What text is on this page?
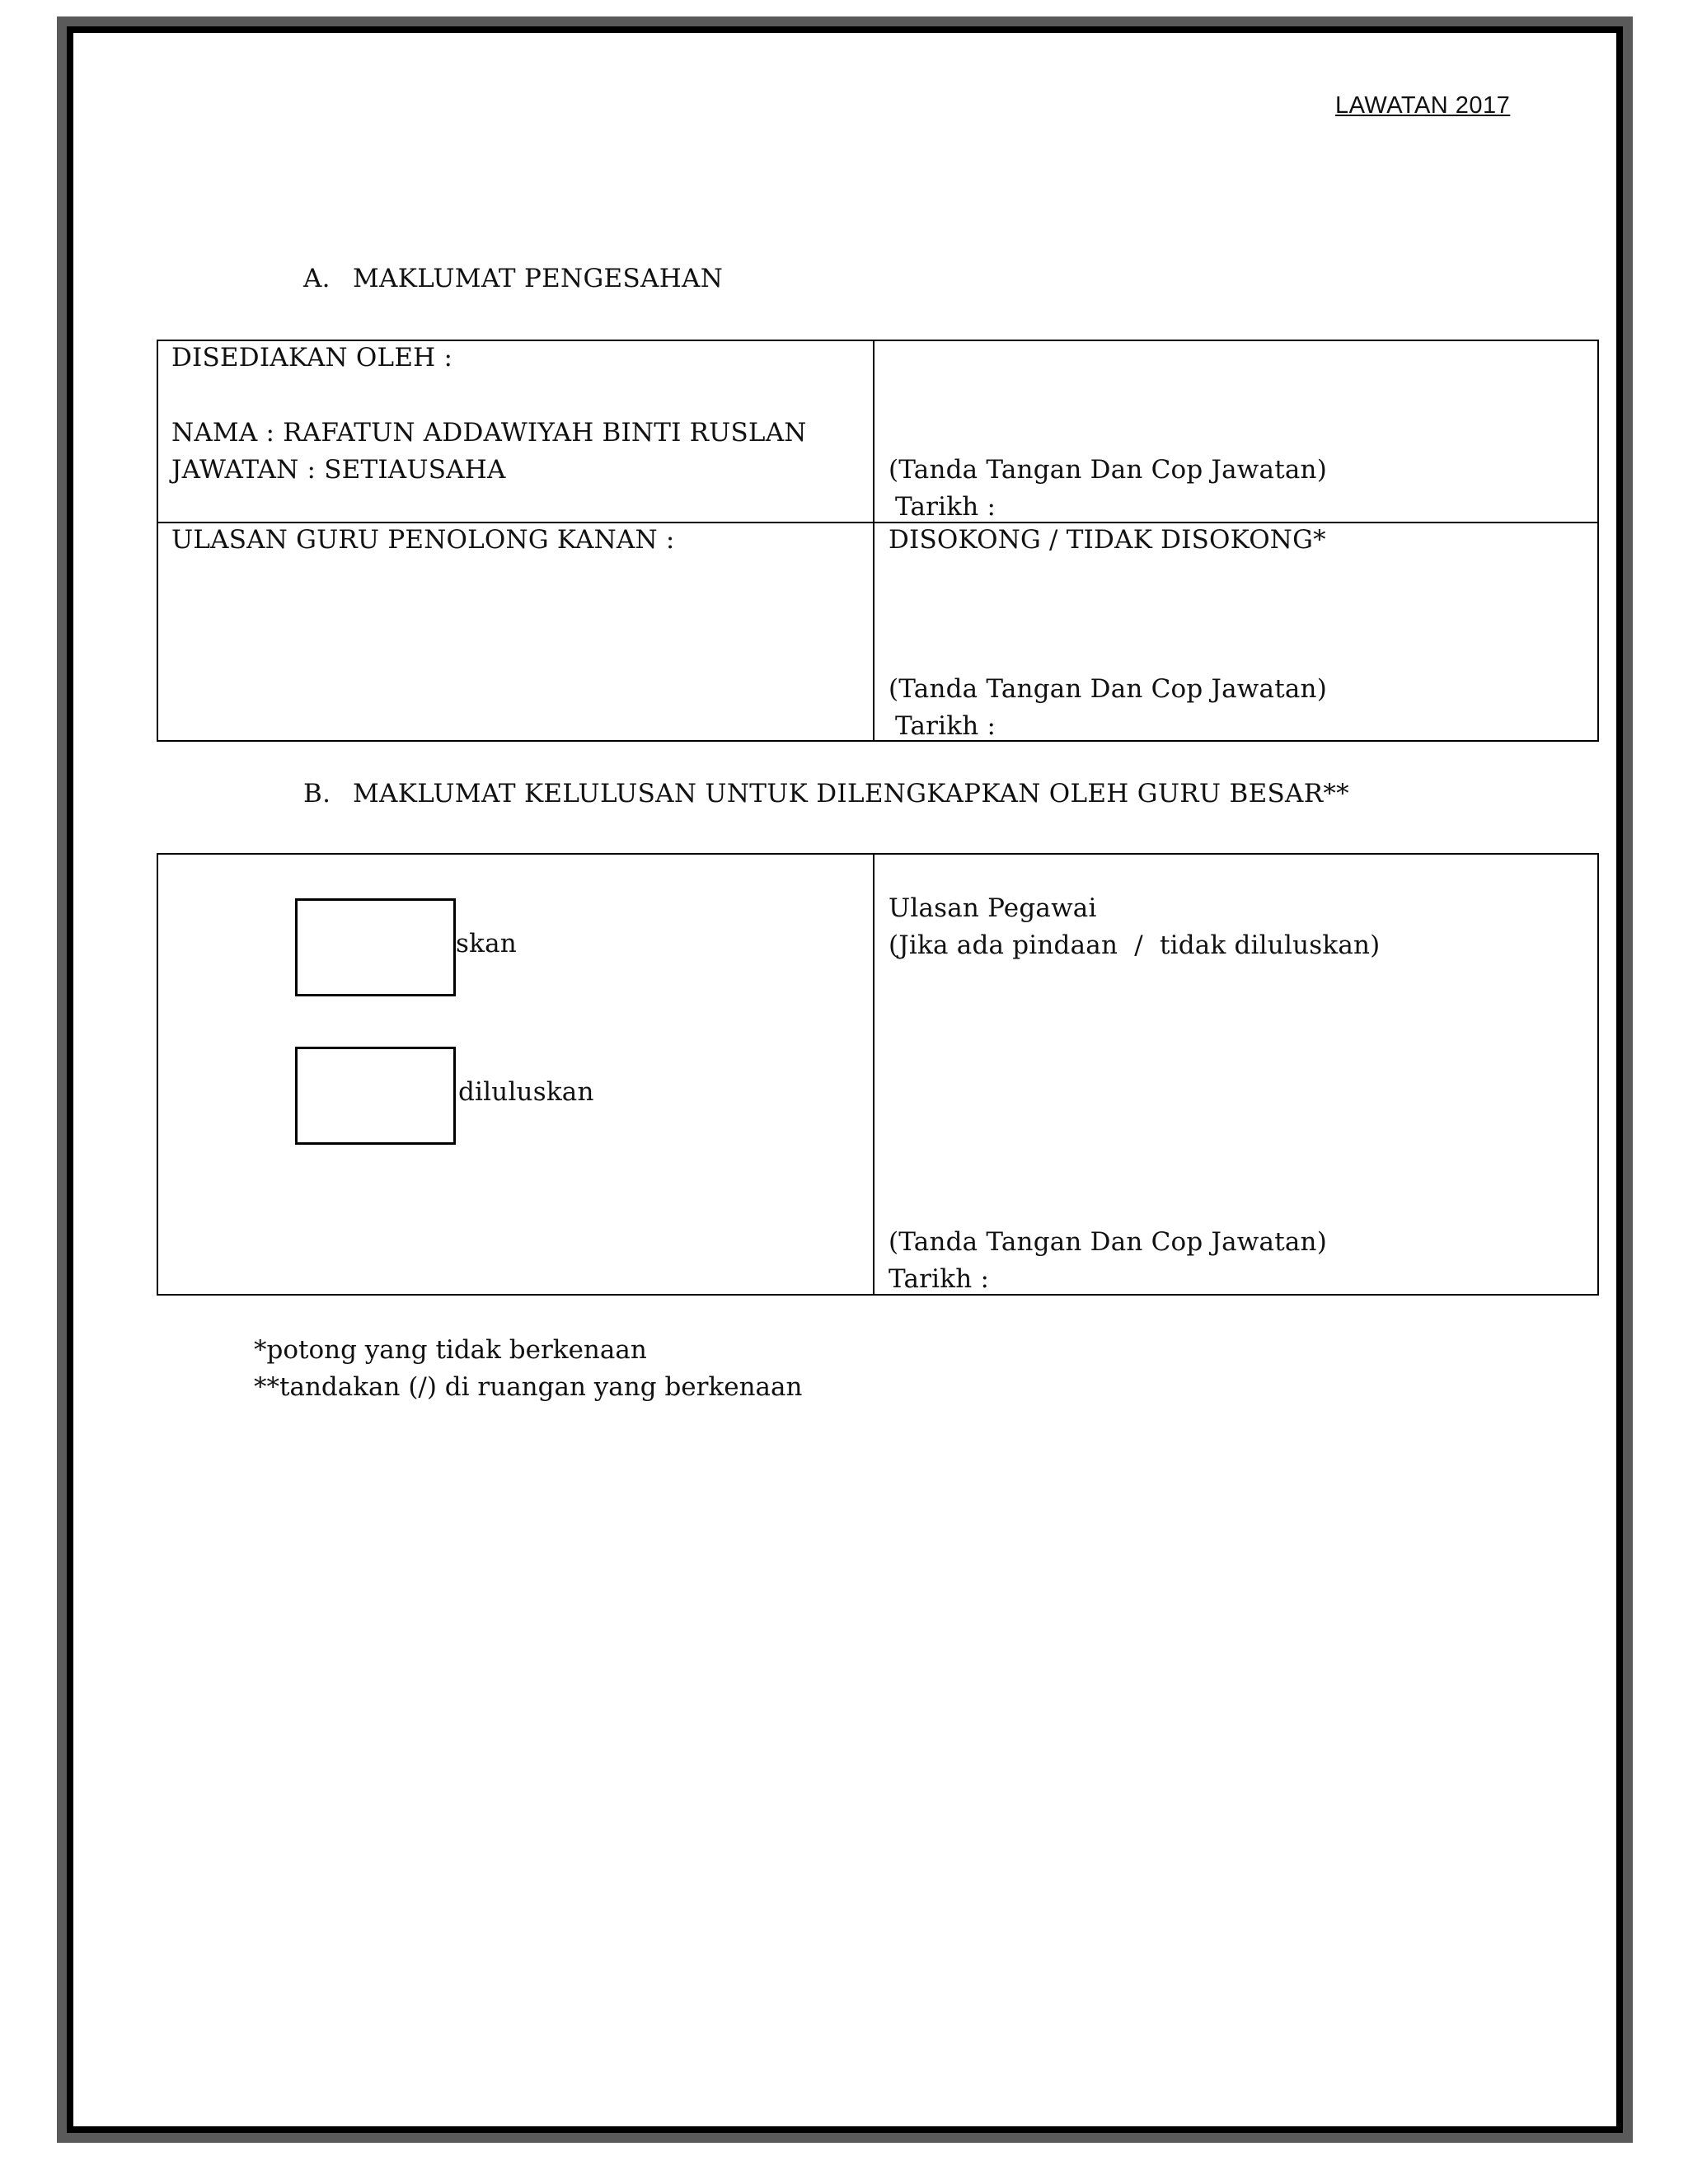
LAWATAN 2017
A. MAKLUMAT PENGESAHAN
DISEDIAKAN OLEH :
NAMA : RAFATUN ADDAWIYAH BINTI RUSLAN
JAWATAN : SETIAUSAHA	(Tanda Tangan Dan Cop Jawatan)
Tarikh :
ULASAN GURU PENOLONG KANAN :	DISOKONG / TIDAK DISOKONG*
(Tanda Tangan Dan Cop Jawatan)
Tarikh :
B. MAKLUMAT KELULUSAN UNTUK DILENGKAPKAN OLEH GURU BESAR**
skan
diluluskan
Ulasan Pegawai
(Jika ada pindaan  /  tidak diluluskan)
(Tanda Tangan Dan Cop Jawatan)
Tarikh :
*potong yang tidak berkenaan
**tandakan (/) di ruangan yang berkenaan
